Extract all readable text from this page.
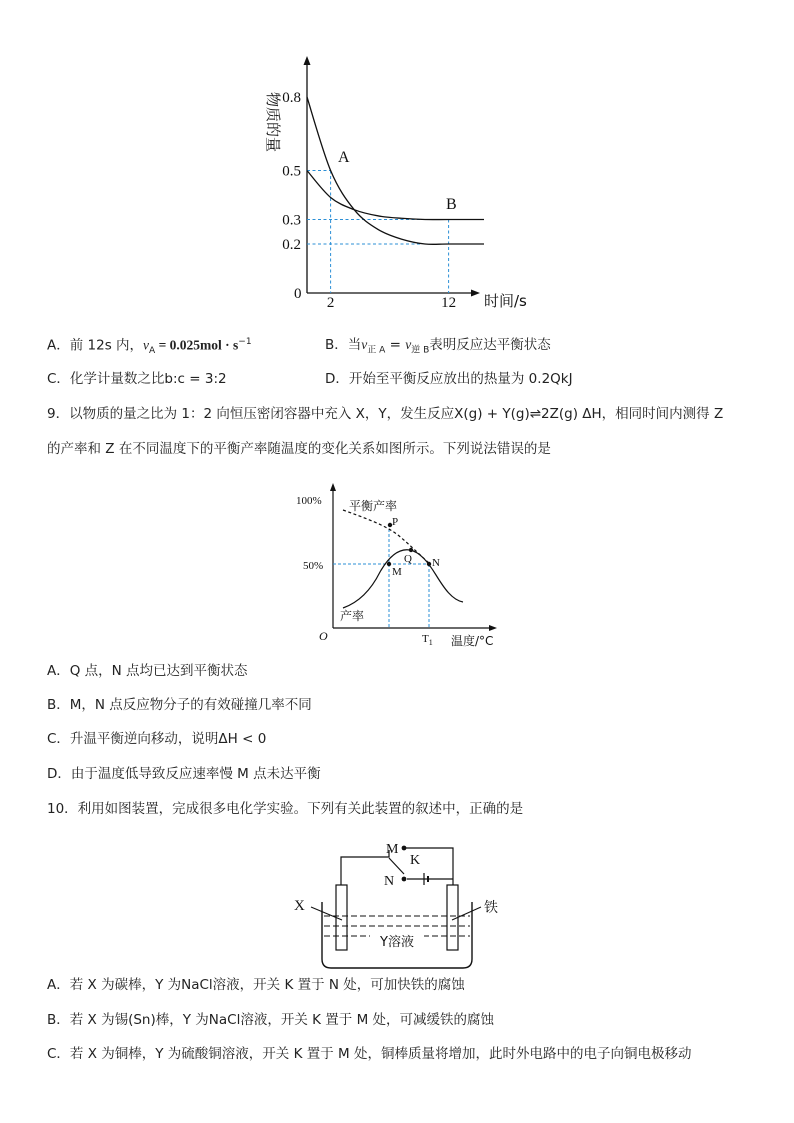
0.8
0.5
0.3
0.2
2	12
物质的量
时间/s
0
A
B
A．前 12s 内，$v_A = 0.025mol \cdot s^{-1}$	B．当$v_{正 A} = v_{逆 B}$表明反应达平衡状态
C．化学计量数之比b:c = 3:2	D．开始至平衡反应放出的热量为 0.2QkJ
9．以物质的量之比为 1：2 向恒压密闭容器中充入 X，Y，发生反应X(g) + Y(g)⇌2Z(g) ΔH，相同时间内测得 Z
的产率和 Z 在不同温度下的平衡产率随温度的变化关系如图所示。下列说法错误的是
100%
50%
O
平衡产率
产率
P
M
Q N
$T_1$ 温度/°C
A．Q 点，N 点均已达到平衡状态
B．M，N 点反应物分子的有效碰撞几率不同
C．升温平衡逆向移动，说明ΔH < 0
D．由于温度低导致反应速率慢 M 点未达平衡
10．利用如图装置，完成很多电化学实验。下列有关此装置的叙述中，正确的是
M
K
N
X	铁
Y溶液
A．若 X 为碳棒，Y 为NaCl溶液，开关 K 置于 N 处，可加快铁的腐蚀
B．若 X 为锡(Sn)棒，Y 为NaCl溶液，开关 K 置于 M 处，可减缓铁的腐蚀
C．若 X 为铜棒，Y 为硫酸铜溶液，开关 K 置于 M 处，铜棒质量将增加，此时外电路中的电子向铜电极移动
